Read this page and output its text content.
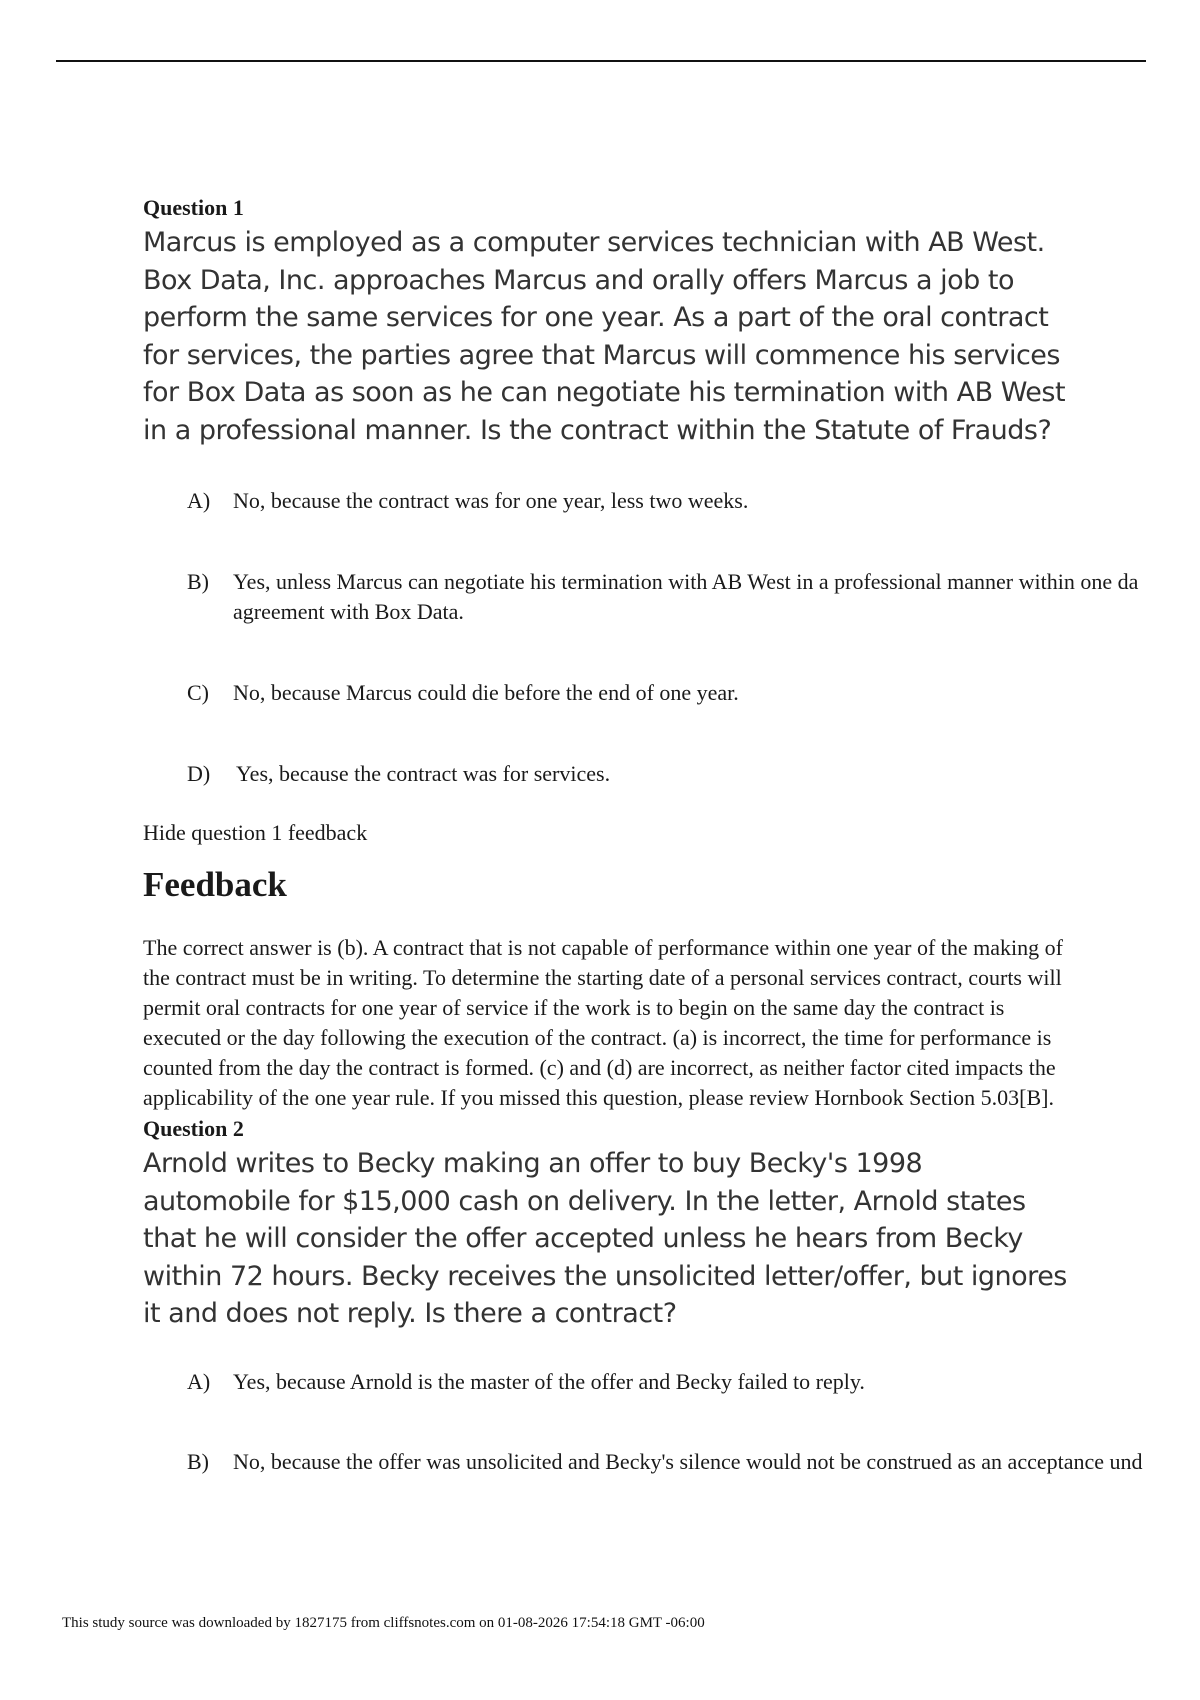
Question 1

Marcus is employed as a computer services technician with AB West. Box Data, Inc. approaches Marcus and orally offers Marcus a job to perform the same services for one year. As a part of the oral contract for services, the parties agree that Marcus will commence his services for Box Data as soon as he can negotiate his termination with AB West in a professional manner. Is the contract within the Statute of Frauds?

A) No, because the contract was for one year, less two weeks.
B) Yes, unless Marcus can negotiate his termination with AB West in a professional manner within one da
agreement with Box Data.
C) No, because Marcus could die before the end of one year.
D) Yes, because the contract was for services.

Hide question 1 feedback

Feedback

The correct answer is (b). A contract that is not capable of performance within one year of the making of the contract must be in writing. To determine the starting date of a personal services contract, courts will permit oral contracts for one year of service if the work is to begin on the same day the contract is executed or the day following the execution of the contract. (a) is incorrect, the time for performance is counted from the day the contract is formed. (c) and (d) are incorrect, as neither factor cited impacts the applicability of the one year rule. If you missed this question, please review Hornbook Section 5.03[B].

Question 2

Arnold writes to Becky making an offer to buy Becky's 1998 automobile for $15,000 cash on delivery. In the letter, Arnold states that he will consider the offer accepted unless he hears from Becky within 72 hours. Becky receives the unsolicited letter/offer, but ignores it and does not reply. Is there a contract?

A) Yes, because Arnold is the master of the offer and Becky failed to reply.
B) No, because the offer was unsolicited and Becky's silence would not be construed as an acceptance und
This study source was downloaded by 1827175 from cliffsnotes.com on 01-08-2026 17:54:18 GMT -06:00
